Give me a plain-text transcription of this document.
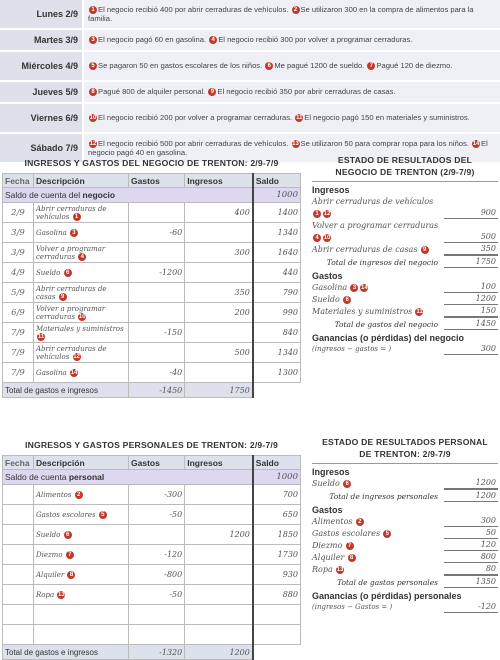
Lunes 2/9	1 El negocio recibió 400 por abrir cerraduras de vehículos. 2 Se utilizaron 300 en la compra de alimentos para la familia.
Martes 3/9	3 El negocio pagó 60 en gasolina. 4 El negocio recibió 300 por volver a programar cerraduras.
Miércoles 4/9	5 Se pagaron 50 en gastos escolares de los niños. 6 Me pagué 1200 de sueldo. 7 Pagué 120 de diezmo.
Jueves 5/9	8 Pagué 800 de alquiler personal. 9 El negocio recibió 350 por abrir cerraduras de casas.
Viernes 6/9	10 El negocio recibió 200 por volver a programar cerraduras. 11 El negocio pagó 150 en materiales y suministros.
Sábado 7/9	12 El negocio recibió 500 por abrir cerraduras de vehículos. 13 Se utilizaron 50 para comprar ropa para los niños. 14 El negocio pagó 40 en gasolina.
INGRESOS Y GASTOS DEL NEGOCIO DE TRENTON: 2/9-7/9				
Fecha	Descripción	Gastos	Ingresos	Saldo
Saldo de cuenta del negocio				1000
2/9	Abrir cerraduras de vehículos 1		400	1400
3/9	Gasolina 3	-60		1340
3/9	Volver a programar cerraduras 4		300	1640
4/9	Sueldo 6	-1200		440
5/9	Abrir cerraduras de casas 9		350	790
6/9	Volver a programar cerraduras 10		200	990
7/9	Materiales y suministros 11	-150		840
7/9	Abrir cerraduras de vehículos 12		500	1340
7/9	Gasolina 14	-40		1300
Total de gastos e ingresos		-1450	1750	
INGRESOS Y GASTOS PERSONALES DE TRENTON: 2/9-7/9				
Fecha	Descripción	Gastos	Ingresos	Saldo
Saldo de cuenta personal				1000
	Alimentos 2	-300		700
	Gastos escolares 5	-50		650
	Sueldo 6		1200	1850
	Diezmo 7	-120		1730
	Alquiler 8	-800		930
	Ropa 13	-50		880

Total de gastos e ingresos		-1320	1200	
ESTADO DE RESULTADOS DEL
NEGOCIO DE TRENTON (2/9-7/9)
Ingresos
Abrir cerraduras de vehículos
1 12	900
Volver a programar cerraduras
4 10	500
Abrir cerraduras de casas 9	350
Total de ingresos del negocio	1750
Gastos
Gasolina 3 14	100
Sueldo 6	1200
Materiales y suministros 11	150
Total de gastos del negocio	1450
Ganancias (o pérdidas) del negocio
(ingresos − gastos = )	300
ESTADO DE RESULTADOS PERSONAL
DE TRENTON: 2/9-7/9
Ingresos
Sueldo 6	1200
Total de ingresos personales	1200
Gastos
Alimentos 2	300
Gastos escolares 5	50
Diezmo 7	120
Alquiler 8	800
Ropa 13	80
Total de gastos personales	1350
Ganancias (o pérdidas) personales
(ingresos − Gastos = )	-120
